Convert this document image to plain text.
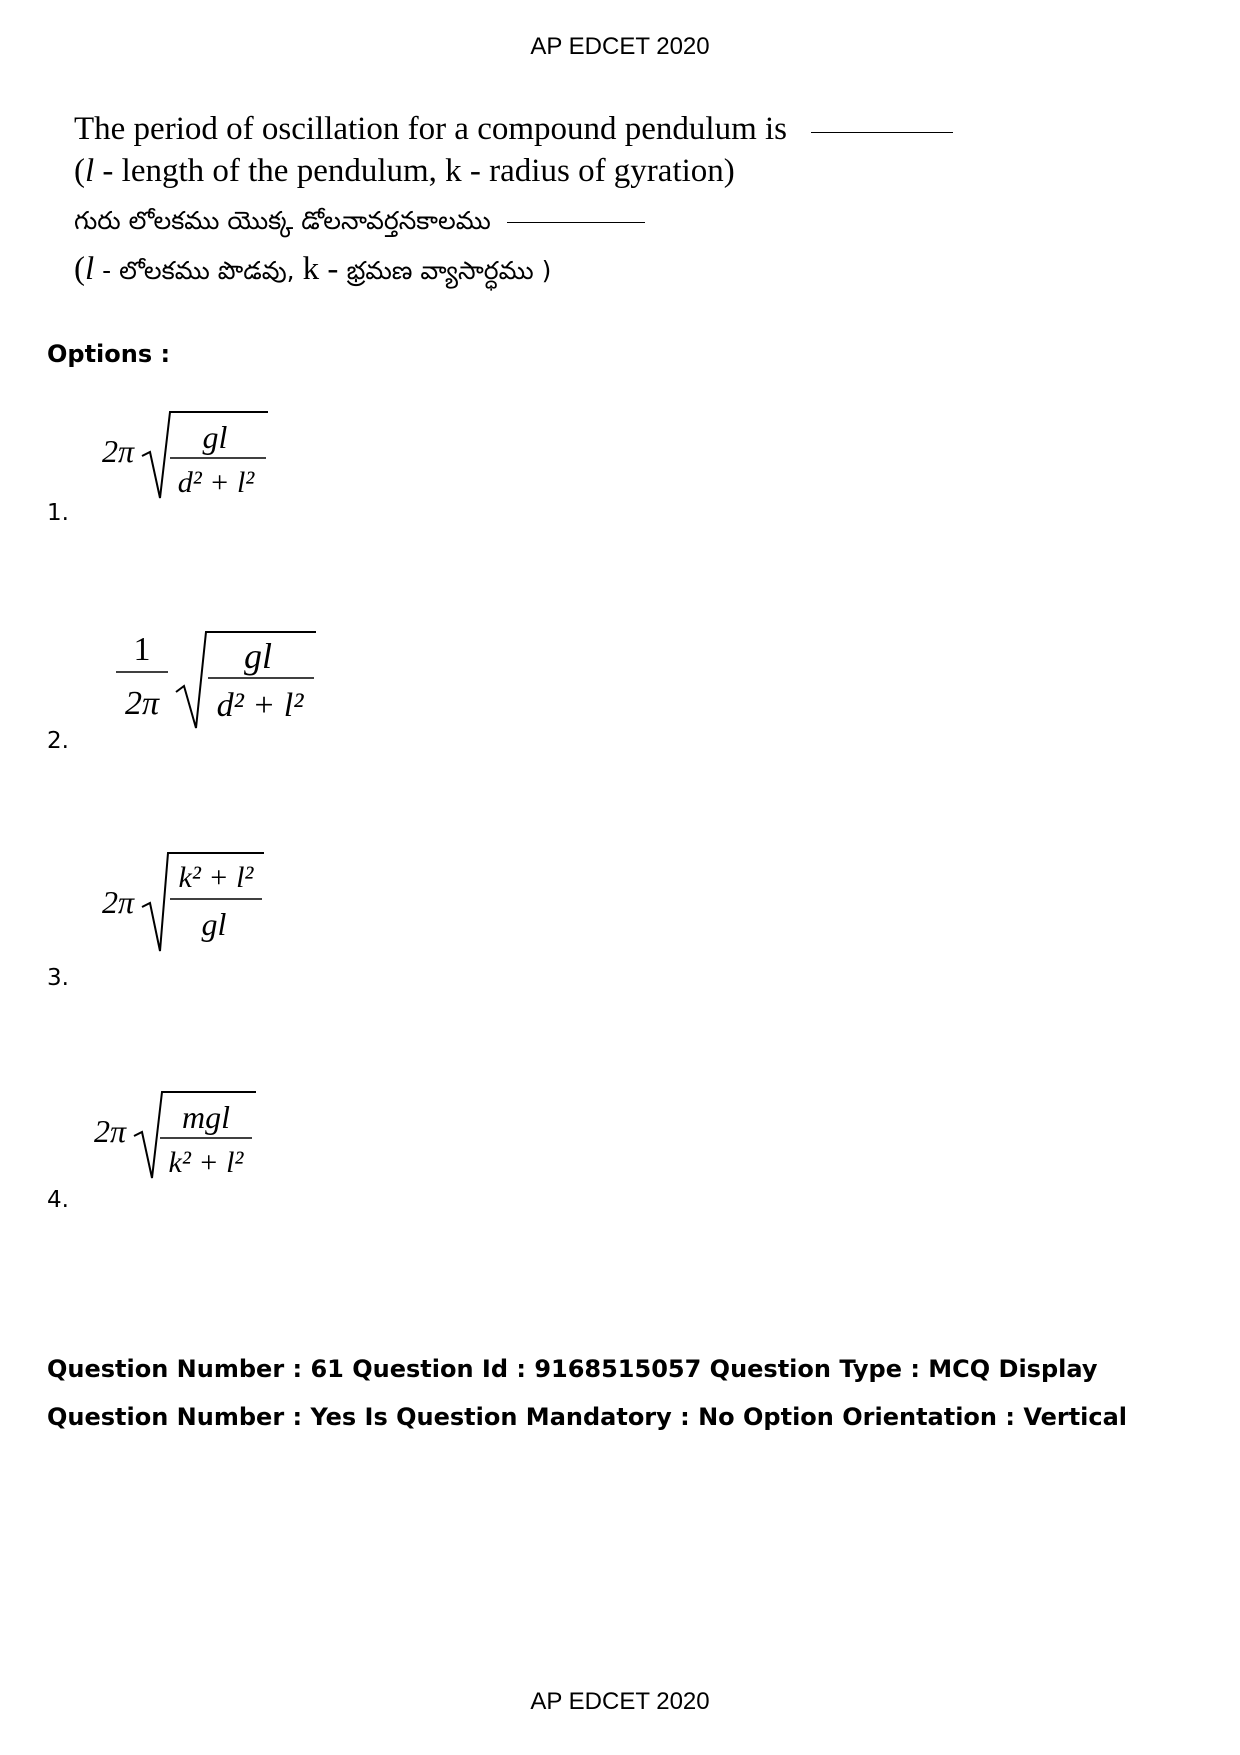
AP EDCET 2020
The period of oscillation for a compound pendulum is
(l - length of the pendulum, k - radius of gyration)
గురు లోలకము యొక్క డోలనావర్తనకాలము
(l - లోలకము పొడవు, k - భ్రమణ వ్యాసార్ధము )
Options :
2π gl
d² + l²
1.
1
2π
gl
d² + l²
2.
2π
k² + l²
gl
3.
2π mgl
k² + l²
4.
Question Number : 61 Question Id : 9168515057 Question Type : MCQ Display Question Number : Yes Is Question Mandatory : No Option Orientation : Vertical
AP EDCET 2020
